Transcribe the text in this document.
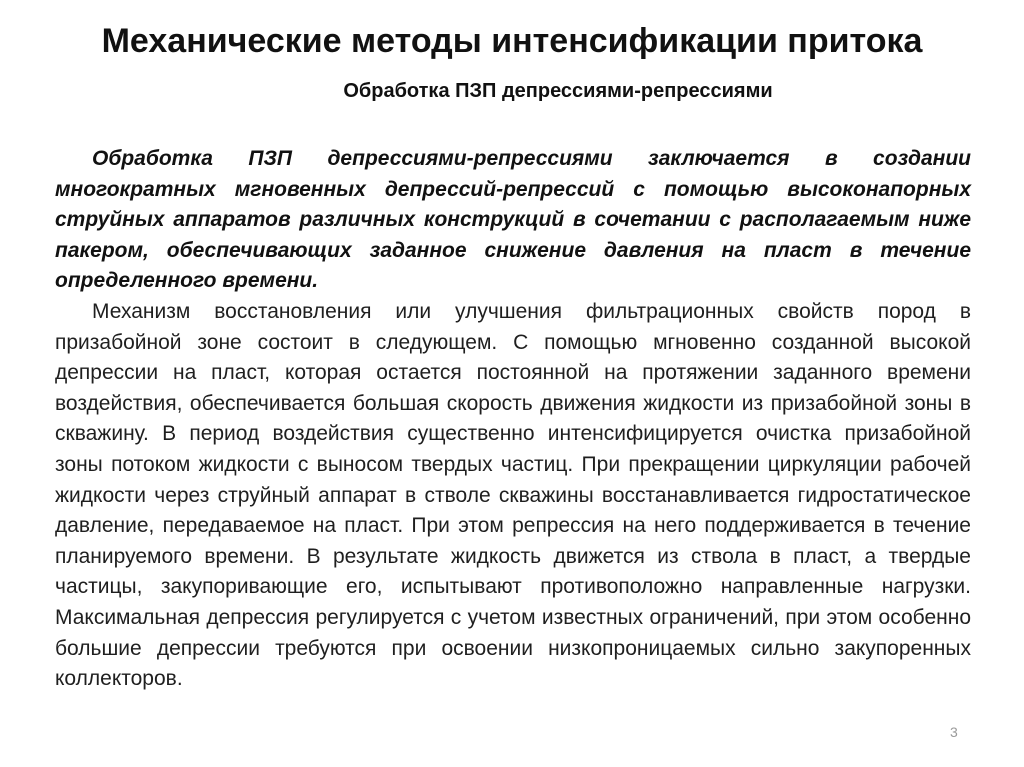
Механические методы интенсификации притока
Обработка ПЗП депрессиями-репрессиями

Обработка ПЗП депрессиями-репрессиями заключается в создании многократных мгновенных депрессий-репрессий с помощью высоконапорных струйных аппаратов различных конструкций в сочетании с располагаемым ниже пакером, обеспечивающих заданное снижение давления на пласт в течение определенного времени.

Механизм восстановления или улучшения фильтрационных свойств пород в призабойной зоне состоит в следующем. С помощью мгновенно созданной высокой депрессии на пласт, которая остается постоянной на протяжении заданного времени воздействия, обеспечивается большая скорость движения жидкости из призабойной зоны в скважину. В период воздействия существенно интенсифицируется очистка призабойной зоны потоком жидкости с выносом твердых частиц. При прекращении циркуляции рабочей жидкости через струйный аппарат в стволе скважины восстанавливается гидростатическое давление, передаваемое на пласт. При этом репрессия на него поддерживается в течение планируемого времени. В результате жидкость движется из ствола в пласт, а твердые частицы, закупоривающие его, испытывают противоположно направленные нагрузки. Максимальная депрессия регулируется с учетом известных ограничений, при этом особенно большие депрессии требуются при освоении низкопроницаемых сильно закупоренных коллекторов.

3
